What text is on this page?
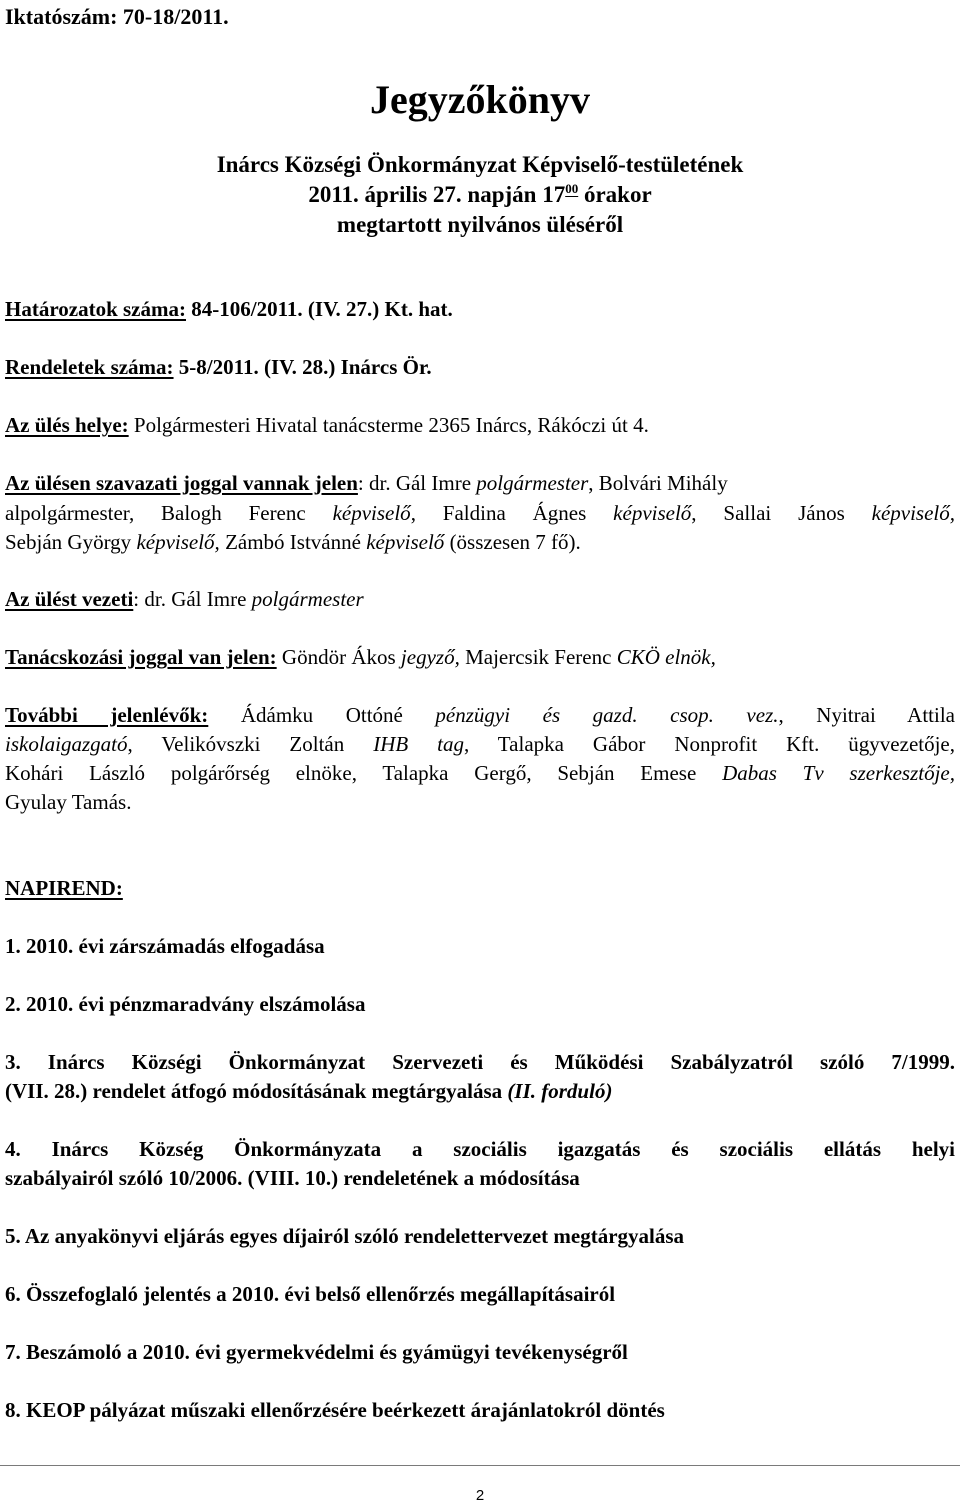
Iktatószám: 70-18/2011.
Jegyzőkönyv
Inárcs Községi Önkormányzat Képviselő-testületének
2011. április 27. napján $17^{00}$ órakor
megtartott nyilvános üléséről
Határozatok száma: 84-106/2011. (IV. 27.) Kt. hat.
Rendeletek száma: 5-8/2011. (IV. 28.) Inárcs Ör.
Az ülés helye: Polgármesteri Hivatal tanácsterme 2365 Inárcs, Rákóczi út 4.
Az ülésen szavazati joggal vannak jelen: dr. Gál Imre polgármester, Bolvári Mihály
alpolgármester, Balogh Ferenc képviselő, Faldina Ágnes képviselő, Sallai János képviselő,
Sebján György képviselő, Zámbó Istvánné képviselő (összesen 7 fő).
Az ülést vezeti: dr. Gál Imre polgármester
Tanácskozási joggal van jelen: Göndör Ákos jegyző, Majercsik Ferenc CKÖ elnök,
További jelenlévők: Ádámku Ottóné pénzügyi és gazd. csop. vez., Nyitrai Attila
iskolaigazgató, Velikóvszki Zoltán IHB tag, Talapka Gábor Nonprofit Kft. ügyvezetője,
Kohári László polgárőrség elnöke, Talapka Gergő, Sebján Emese Dabas Tv szerkesztője,
Gyulay Tamás.
NAPIREND:
1. 2010. évi zárszámadás elfogadása
2. 2010. évi pénzmaradvány elszámolása
3. Inárcs Községi Önkormányzat Szervezeti és Működési Szabályzatról szóló 7/1999.
(VII. 28.) rendelet átfogó módosításának megtárgyalása (II. forduló)
4. Inárcs Község Önkormányzata a szociális igazgatás és szociális ellátás helyi
szabályairól szóló 10/2006. (VIII. 10.) rendeletének a módosítása
5. Az anyakönyvi eljárás egyes díjairól szóló rendelettervezet megtárgyalása
6. Összefoglaló jelentés a 2010. évi belső ellenőrzés megállapításairól
7. Beszámoló a 2010. évi gyermekvédelmi és gyámügyi tevékenységről
8. KEOP pályázat műszaki ellenőrzésére beérkezett árajánlatokról döntés
2
